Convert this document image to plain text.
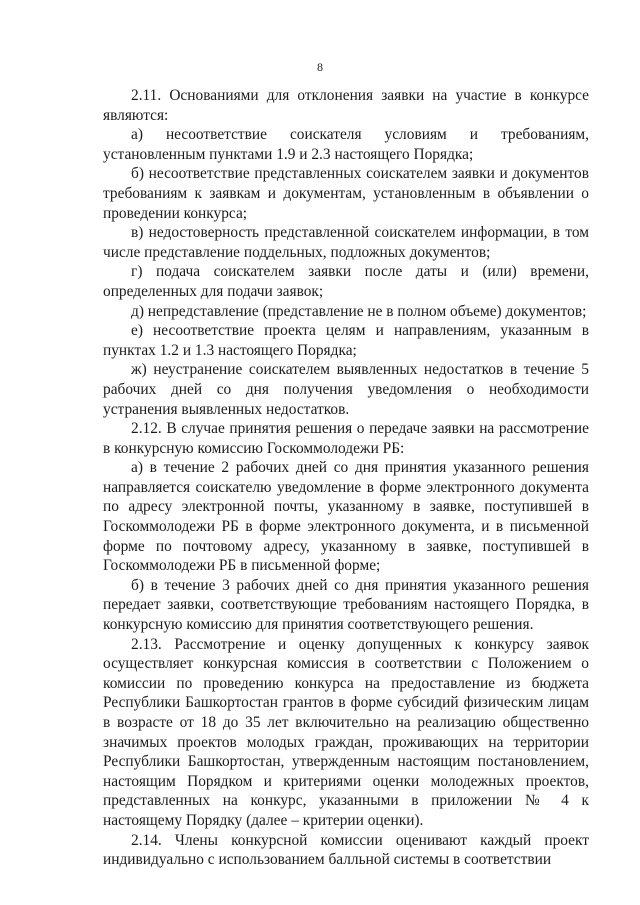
8

2.11. Основаниями для отклонения заявки на участие в конкурсе являются:

а) несоответствие соискателя условиям и требованиям, установленным пунктами 1.9 и 2.3 настоящего Порядка;

б) несоответствие представленных соискателем заявки и документов требованиям к заявкам и документам, установленным в объявлении о проведении конкурса;

в) недостоверность представленной соискателем информации, в том числе представление поддельных, подложных документов;

г) подача соискателем заявки после даты и (или) времени, определенных для подачи заявок;

д) непредставление (представление не в полном объеме) документов;

е) несоответствие проекта целям и направлениям, указанным в пунктах 1.2 и 1.3 настоящего Порядка;

ж) неустранение соискателем выявленных недостатков в течение 5 рабочих дней со дня получения уведомления о необходимости устранения выявленных недостатков.

2.12. В случае принятия решения о передаче заявки на рассмотрение в конкурсную комиссию Госкоммолодежи РБ:

а) в течение 2 рабочих дней со дня принятия указанного решения направляется соискателю уведомление в форме электронного документа по адресу электронной почты, указанному в заявке, поступившей в Госкоммолодежи РБ в форме электронного документа, и в письменной форме по почтовому адресу, указанному в заявке, поступившей в Госкоммолодежи РБ в письменной форме;

б) в течение 3 рабочих дней со дня принятия указанного решения передает заявки, соответствующие требованиям настоящего Порядка, в конкурсную комиссию для принятия соответствующего решения.

2.13. Рассмотрение и оценку допущенных к конкурсу заявок осуществляет конкурсная комиссия в соответствии с Положением о комиссии по проведению конкурса на предоставление из бюджета Республики Башкортостан грантов в форме субсидий физическим лицам в возрасте от 18 до 35 лет включительно на реализацию общественно значимых проектов молодых граждан, проживающих на территории Республики Башкортостан, утвержденным настоящим постановлением, настоящим Порядком и критериями оценки молодежных проектов, представленных на конкурс, указанными в приложении № 4 к настоящему Порядку (далее – критерии оценки).

2.14. Члены конкурсной комиссии оценивают каждый проект индивидуально с использованием балльной системы в соответствии
